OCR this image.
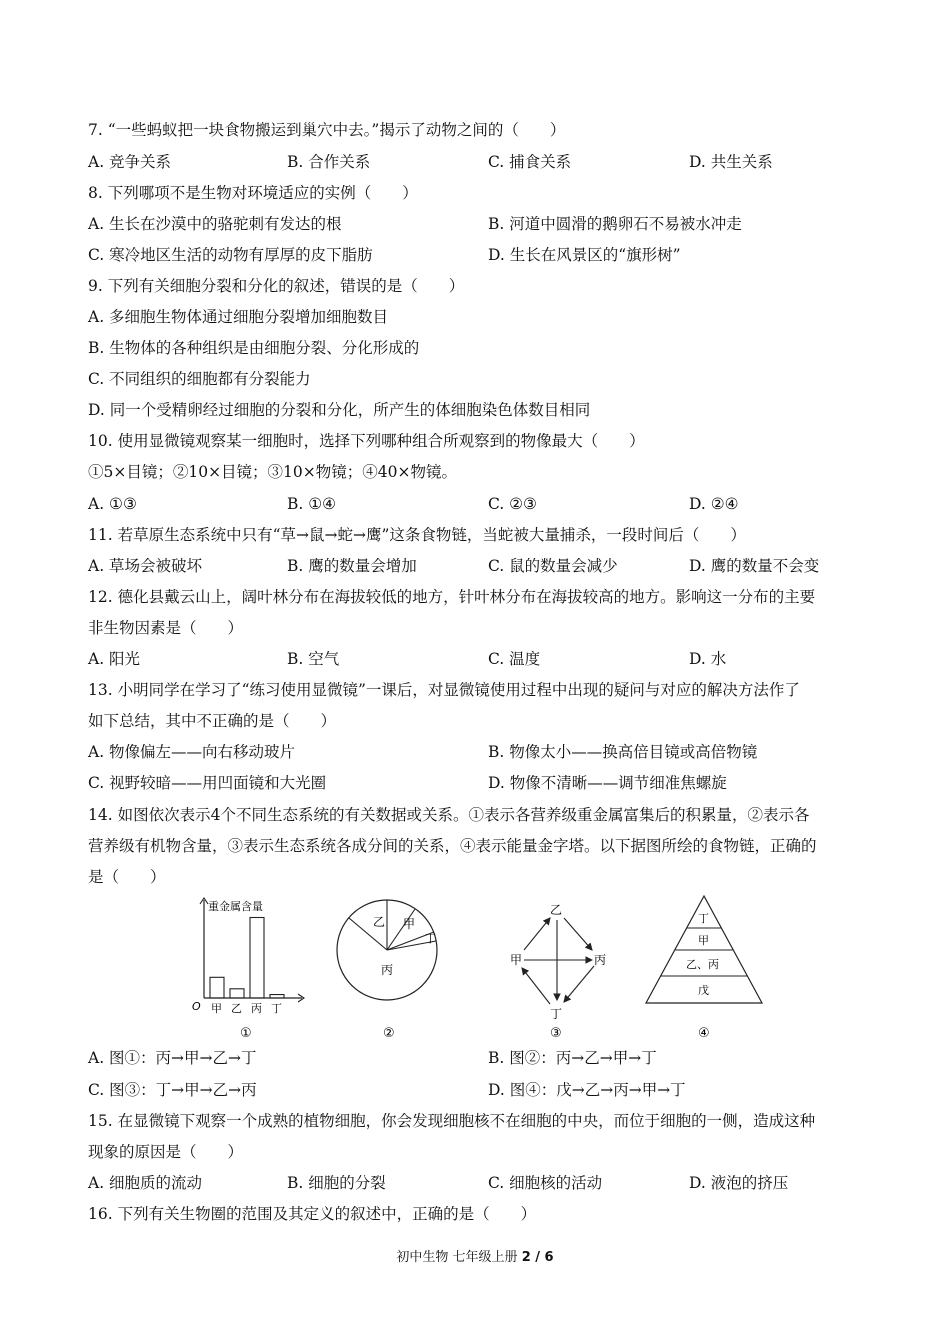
7. “一些蚂蚁把一块食物搬运到巢穴中去。”揭示了动物之间的（　　）
A. 竞争关系	B. 合作关系	C. 捕食关系	D. 共生关系
8. 下列哪项不是生物对环境适应的实例（　　）
A. 生长在沙漠中的骆驼刺有发达的根	B. 河道中圆滑的鹅卵石不易被水冲走
C. 寒冷地区生活的动物有厚厚的皮下脂肪	D. 生长在风景区的“旗形树”
9. 下列有关细胞分裂和分化的叙述，错误的是（　　）
A. 多细胞生物体通过细胞分裂增加细胞数目
B. 生物体的各种组织是由细胞分裂、分化形成的
C. 不同组织的细胞都有分裂能力
D. 同一个受精卵经过细胞的分裂和分化，所产生的体细胞染色体数目相同
10. 使用显微镜观察某一细胞时，选择下列哪种组合所观察到的物像最大（　　）
①5×目镜；②10×目镜；③10×物镜；④40×物镜。
A. ①③	B. ①④	C. ②③	D. ②④
11. 若草原生态系统中只有“草→鼠→蛇→鹰”这条食物链，当蛇被大量捕杀，一段时间后（　　）
A. 草场会被破坏	B. 鹰的数量会增加	C. 鼠的数量会减少	D. 鹰的数量不会变
12. 德化县戴云山上，阔叶林分布在海拔较低的地方，针叶林分布在海拔较高的地方。影响这一分布的主要
非生物因素是（　　）
A. 阳光	B. 空气	C. 温度	D. 水
13. 小明同学在学习了“练习使用显微镜”一课后，对显微镜使用过程中出现的疑问与对应的解决方法作了
如下总结，其中不正确的是（　　）
A. 物像偏左——向右移动玻片	B. 物像太小——换高倍目镜或高倍物镜
C. 视野较暗——用凹面镜和大光圈	D. 物像不清晰——调节细准焦螺旋
14. 如图依次表示4个不同生态系统的有关数据或关系。①表示各营养级重金属富集后的积累量，②表示各
营养级有机物含量，③表示生态系统各成分间的关系，④表示能量金字塔。以下据图所绘的食物链，正确的
是（　　）
重金属含量
O 甲 乙 丙 丁
①
乙 甲
丁
丙
②
乙
甲	丙
丁
③
丁
甲
乙、丙
戊
④
A. 图①：丙→甲→乙→丁	B. 图②：丙→乙→甲→丁
C. 图③：丁→甲→乙→丙	D. 图④：戊→乙→丙→甲→丁
15. 在显微镜下观察一个成熟的植物细胞，你会发现细胞核不在细胞的中央，而位于细胞的一侧，造成这种
现象的原因是（　　）
A. 细胞质的流动	B. 细胞的分裂	C. 细胞核的活动	D. 液泡的挤压
16. 下列有关生物圈的范围及其定义的叙述中，正确的是（　　）
初中生物 七年级上册 2 / 6
